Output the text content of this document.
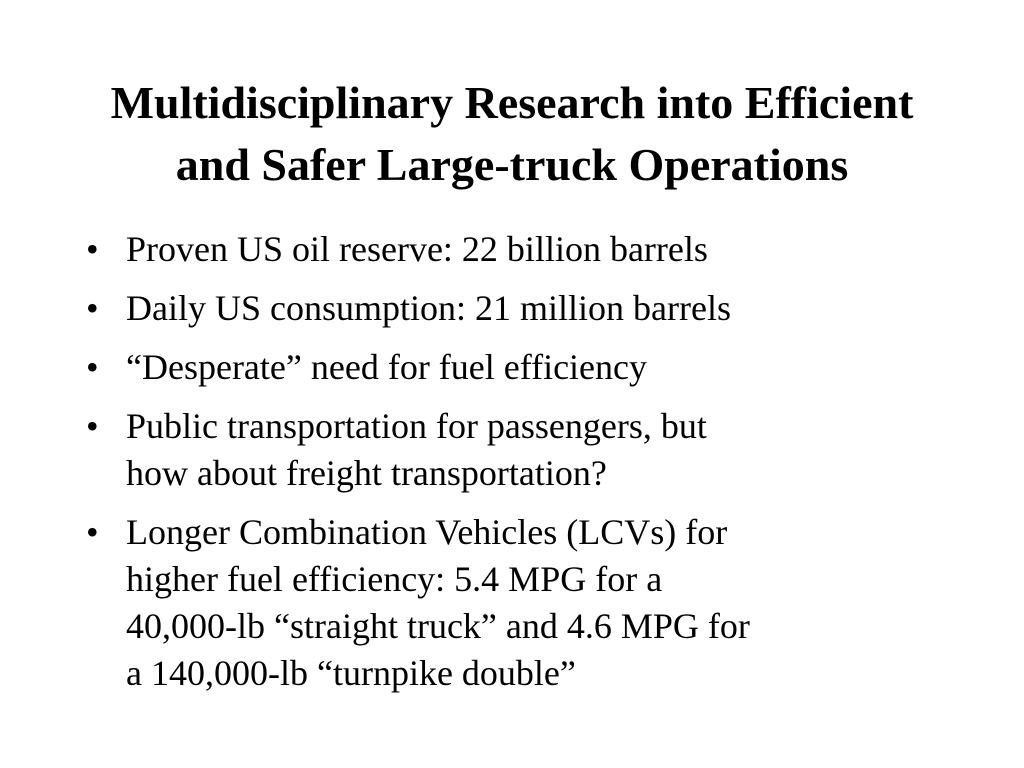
Multidisciplinary Research into Efficient
and Safer Large-truck Operations
• Proven US oil reserve: 22 billion barrels
• Daily US consumption: 21 million barrels
• “Desperate” need for fuel efficiency
• Public transportation for passengers, but
how about freight transportation?
• Longer Combination Vehicles (LCVs) for
higher fuel efficiency: 5.4 MPG for a
40,000-lb “straight truck” and 4.6 MPG for
a 140,000-lb “turnpike double”
